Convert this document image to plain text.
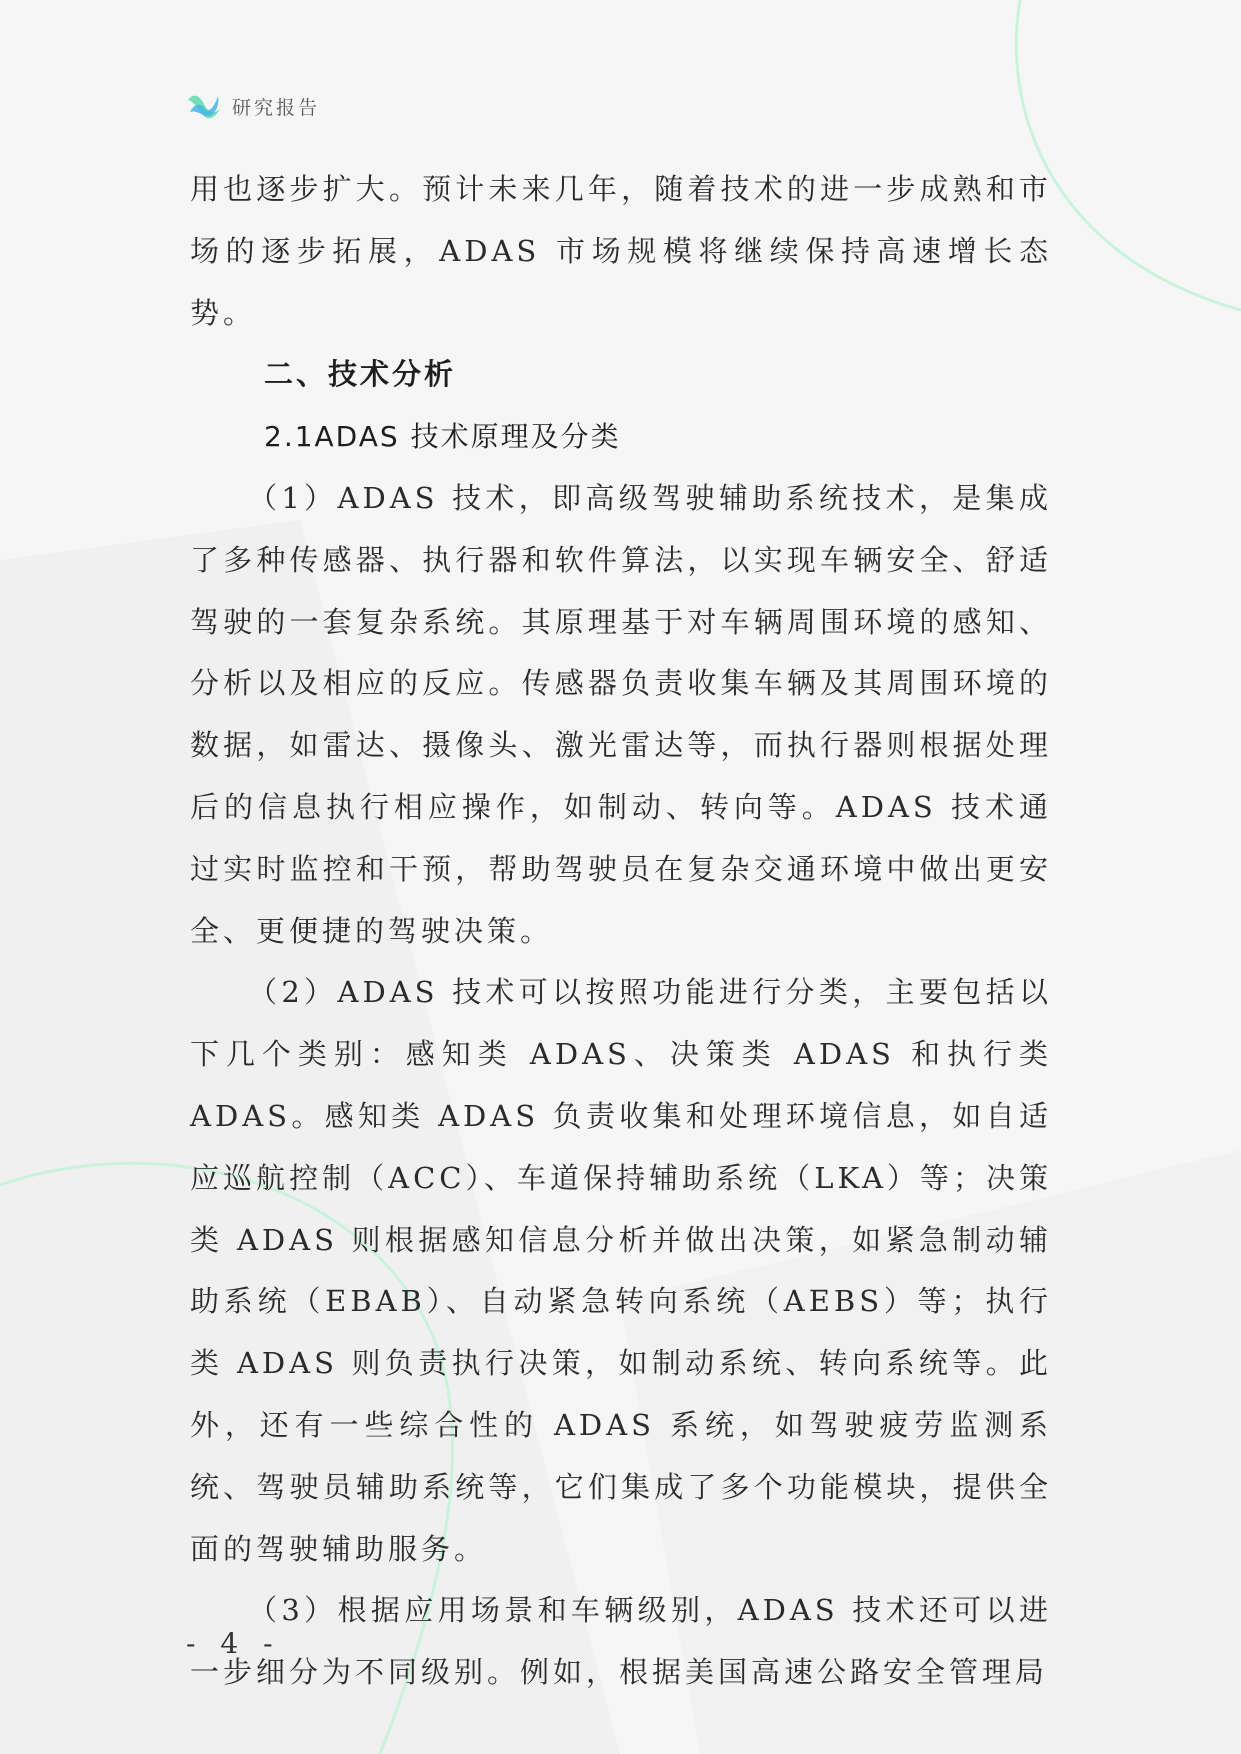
研究报告

用也逐步扩大。预计未来几年，随着技术的进一步成熟和市场的逐步拓展，ADAS 市场规模将继续保持高速增长态势。

二、技术分析

2.1ADAS 技术原理及分类

（1）ADAS 技术，即高级驾驶辅助系统技术，是集成了多种传感器、执行器和软件算法，以实现车辆安全、舒适驾驶的一套复杂系统。其原理基于对车辆周围环境的感知、分析以及相应的反应。传感器负责收集车辆及其周围环境的数据，如雷达、摄像头、激光雷达等，而执行器则根据处理后的信息执行相应操作，如制动、转向等。ADAS 技术通过实时监控和干预，帮助驾驶员在复杂交通环境中做出更安全、更便捷的驾驶决策。

（2）ADAS 技术可以按照功能进行分类，主要包括以下几个类别：感知类 ADAS、决策类 ADAS 和执行类 ADAS。感知类 ADAS 负责收集和处理环境信息，如自适应巡航控制（ACC）、车道保持辅助系统（LKA）等；决策类 ADAS 则根据感知信息分析并做出决策，如紧急制动辅助系统（EBAB）、自动紧急转向系统（AEBS）等；执行类 ADAS 则负责执行决策，如制动系统、转向系统等。此外，还有一些综合性的 ADAS 系统，如驾驶疲劳监测系统、驾驶员辅助系统等，它们集成了多个功能模块，提供全面的驾驶辅助服务。

（3）根据应用场景和车辆级别，ADAS 技术还可以进一步细分为不同级别。例如，根据美国高速公路安全管理局

- 4 -
